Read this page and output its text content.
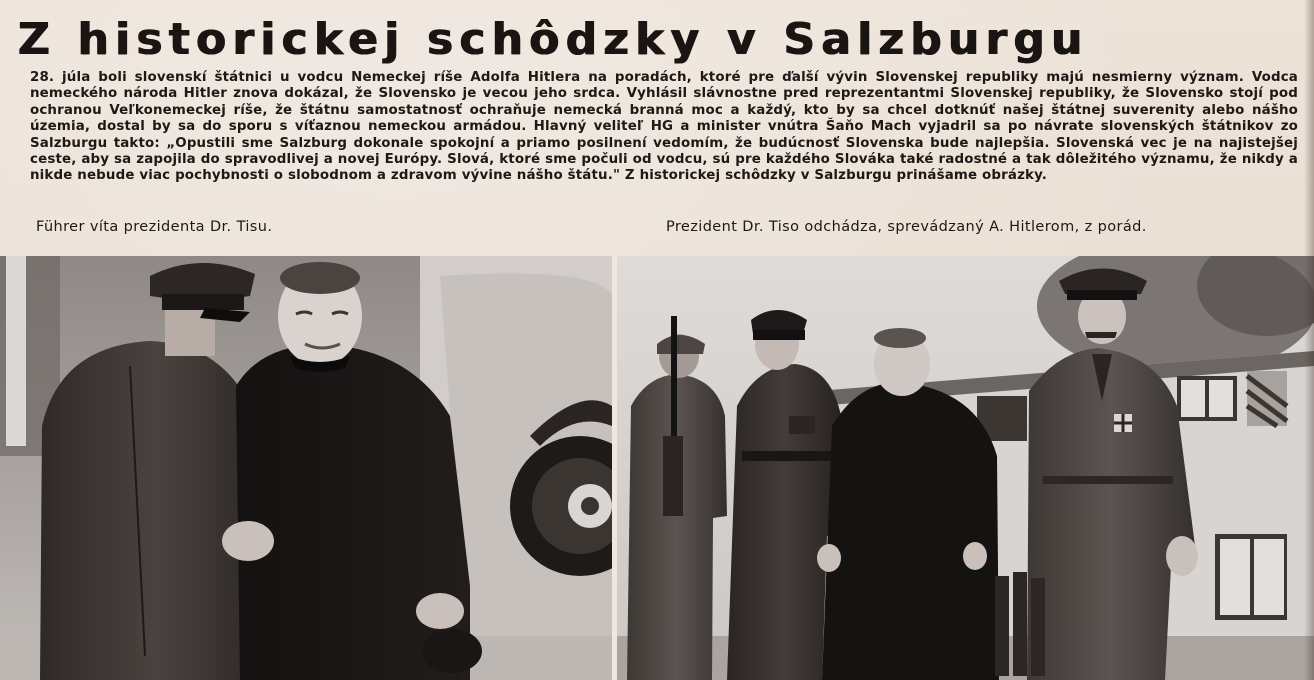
Z historickej schôdzky v Salzburgu

28. júla boli slovenskí štátnici u vodcu Nemeckej ríše Adolfa Hitlera na poradách, ktoré pre ďalší vývin Slovenskej republiky majú nesmierny význam. Vodca nemeckého národa Hitler znova dokázal, že Slovensko je vecou jeho srdca. Vyhlásil slávnostne pred reprezentantmi Slovenskej republiky, že Slovensko stojí pod ochranou Veľkonemeckej ríše, že štátnu samostatnosť ochraňuje nemecká branná moc a každý, kto by sa chcel dotknúť našej štátnej suverenity alebo nášho územia, dostal by sa do sporu s víťaznou nemeckou armádou. Hlavný veliteľ HG a minister vnútra Šaňo Mach vyjadril sa po návrate slovenských štátnikov zo Salzburgu takto: „Opustili sme Salzburg dokonale spokojní a priamo posilnení vedomím, že budúcnosť Slovenska bude najlepšia. Slovenská vec je na najistejšej ceste, aby sa zapojila do spravodlivej a novej Európy. Slová, ktoré sme počuli od vodcu, sú pre každého Slováka také radostné a tak dôležitého významu, že nikdy a nikde nebude viac pochybnosti o slobodnom a zdravom vývine nášho štátu." Z historickej schôdzky v Salzburgu prinášame obrázky.

Führer víta prezidenta Dr. Tisu.	Prezident Dr. Tiso odchádza, sprevádzaný A. Hitlerom, z porád.
